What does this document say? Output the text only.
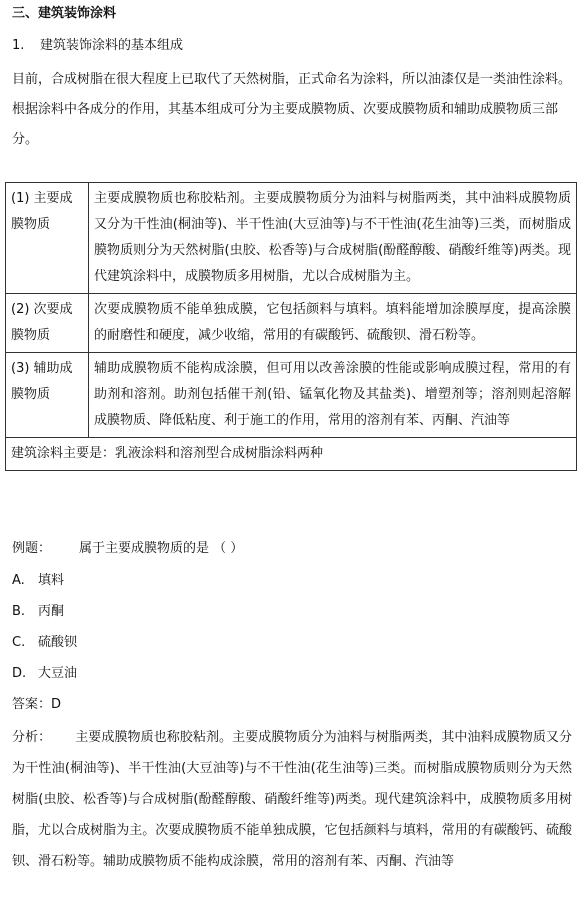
三、建筑装饰涂料
1. 建筑装饰涂料的基本组成
目前，合成树脂在很大程度上已取代了天然树脂，正式命名为涂料，所以油漆仅是一类油性涂料。根据涂料中各成分的作用，其基本组成可分为主要成膜物质、次要成膜物质和辅助成膜物质三部分。
(1) 主要成膜物质	主要成膜物质也称胶粘剂。主要成膜物质分为油料与树脂两类，其中油料成膜物质又分为干性油(桐油等)、半干性油(大豆油等)与不干性油(花生油等)三类，而树脂成膜物质则分为天然树脂(虫胶、松香等)与合成树脂(酚醛醇酸、硝酸纤维等)两类。现代建筑涂料中，成膜物质多用树脂，尤以合成树脂为主。
(2) 次要成膜物质	次要成膜物质不能单独成膜，它包括颜料与填料。填料能增加涂膜厚度，提高涂膜的耐磨性和硬度，减少收缩，常用的有碳酸钙、硫酸钡、滑石粉等。
(3) 辅助成膜物质	辅助成膜物质不能构成涂膜，但可用以改善涂膜的性能或影响成膜过程，常用的有助剂和溶剂。助剂包括催干剂(铅、锰氧化物及其盐类)、增塑剂等；溶剂则起溶解成膜物质、降低粘度、利于施工的作用，常用的溶剂有苯、丙酮、汽油等
建筑涂料主要是：乳液涂料和溶剂型合成树脂涂料两种	
例题： 属于主要成膜物质的是 （ ）
A. 填料
B. 丙酮
C. 硫酸钡
D. 大豆油
答案：D
分析： 主要成膜物质也称胶粘剂。主要成膜物质分为油料与树脂两类，其中油料成膜物质又分为干性油(桐油等)、半干性油(大豆油等)与不干性油(花生油等)三类。而树脂成膜物质则分为天然树脂(虫胶、松香等)与合成树脂(酚醛醇酸、硝酸纤维等)两类。现代建筑涂料中，成膜物质多用树脂，尤以合成树脂为主。次要成膜物质不能单独成膜，它包括颜料与填料，常用的有碳酸钙、硫酸钡、滑石粉等。辅助成膜物质不能构成涂膜，常用的溶剂有苯、丙酮、汽油等
